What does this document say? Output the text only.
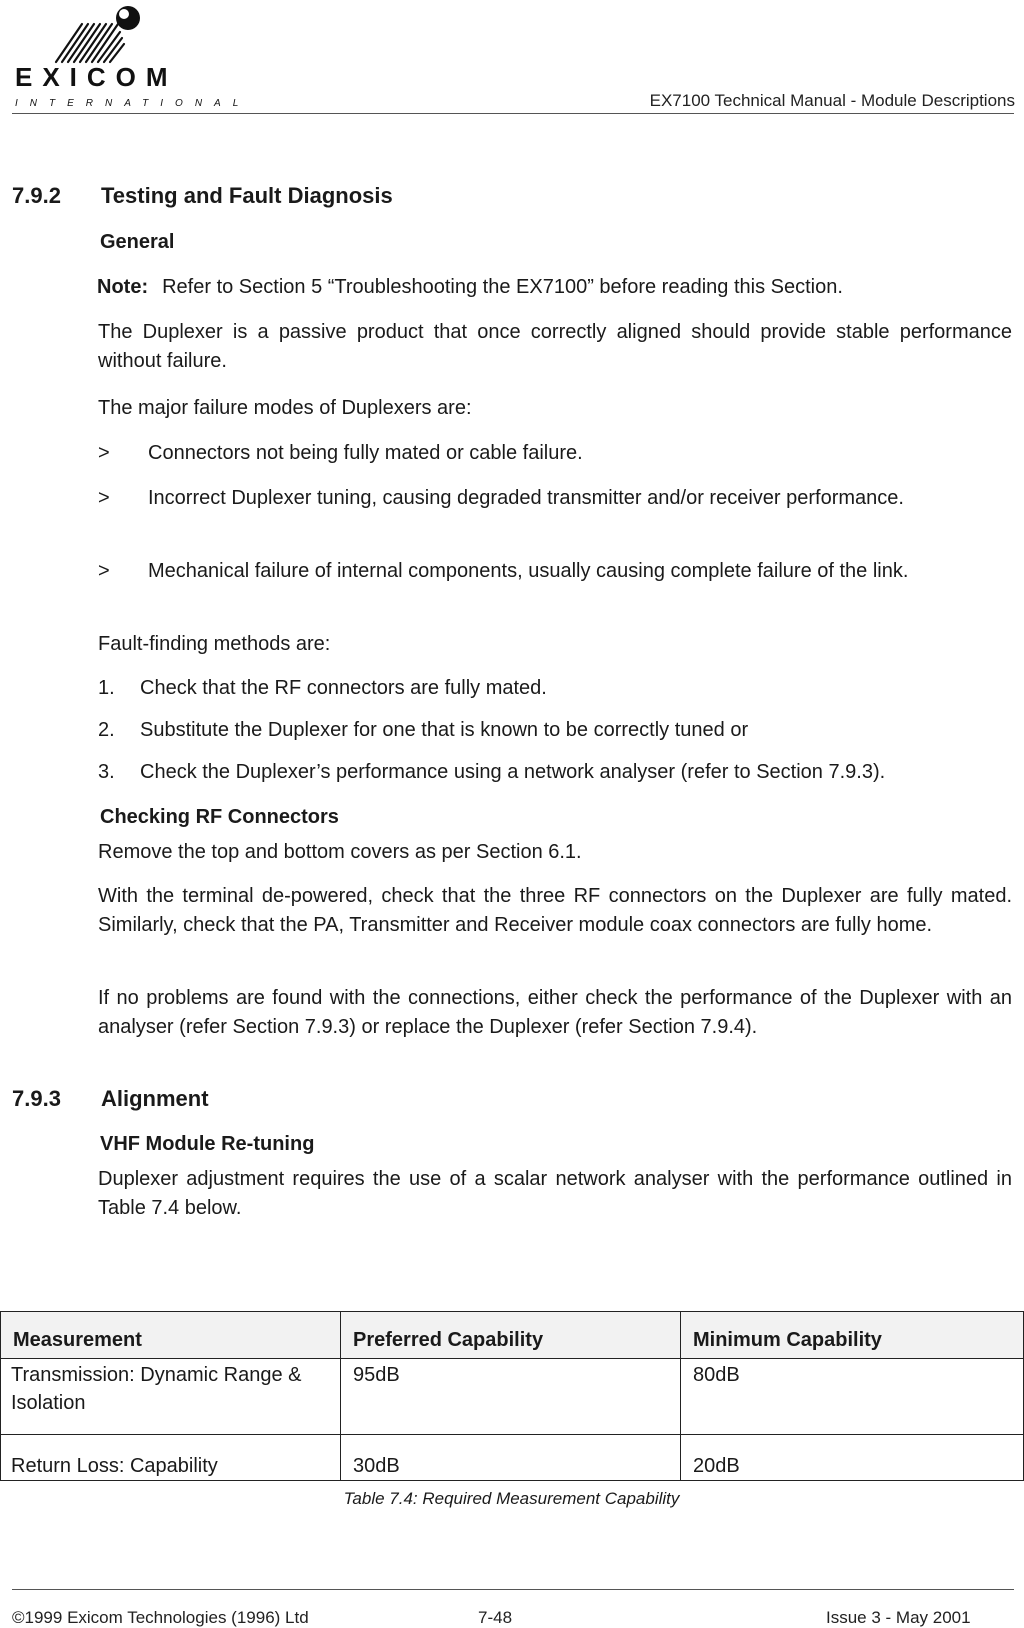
EXICOM
INTERNATIONAL	EX7100 Technical Manual - Module Descriptions
7.9.2 Testing and Fault Diagnosis
General
Note: Refer to Section 5 “Troubleshooting the EX7100” before reading this Section.
The Duplexer is a passive product that once correctly aligned should provide stable performance without failure.
The major failure modes of Duplexers are:
> Connectors not being fully mated or cable failure.
> Incorrect Duplexer tuning, causing degraded transmitter and/or receiver performance.
> Mechanical failure of internal components, usually causing complete failure of the link.
Fault-finding methods are:
1. Check that the RF connectors are fully mated.
2. Substitute the Duplexer for one that is known to be correctly tuned or
3. Check the Duplexer’s performance using a network analyser (refer to Section 7.9.3).
Checking RF Connectors
Remove the top and bottom covers as per Section 6.1.
With the terminal de-powered, check that the three RF connectors on the Duplexer are fully mated. Similarly, check that the PA, Transmitter and Receiver module coax connectors are fully home.
If no problems are found with the connections, either check the performance of the Duplexer with an analyser (refer Section 7.9.3) or replace the Duplexer (refer Section 7.9.4).
7.9.3 Alignment
VHF Module Re-tuning
Duplexer adjustment requires the use of a scalar network analyser with the performance outlined in Table 7.4 below.
Measurement	Preferred Capability	Minimum Capability
Transmission: Dynamic Range & Isolation	95dB	80dB
Return Loss: Capability	30dB	20dB
Table 7.4: Required Measurement Capability
©1999 Exicom Technologies (1996) Ltd	7-48	Issue 3 - May 2001
